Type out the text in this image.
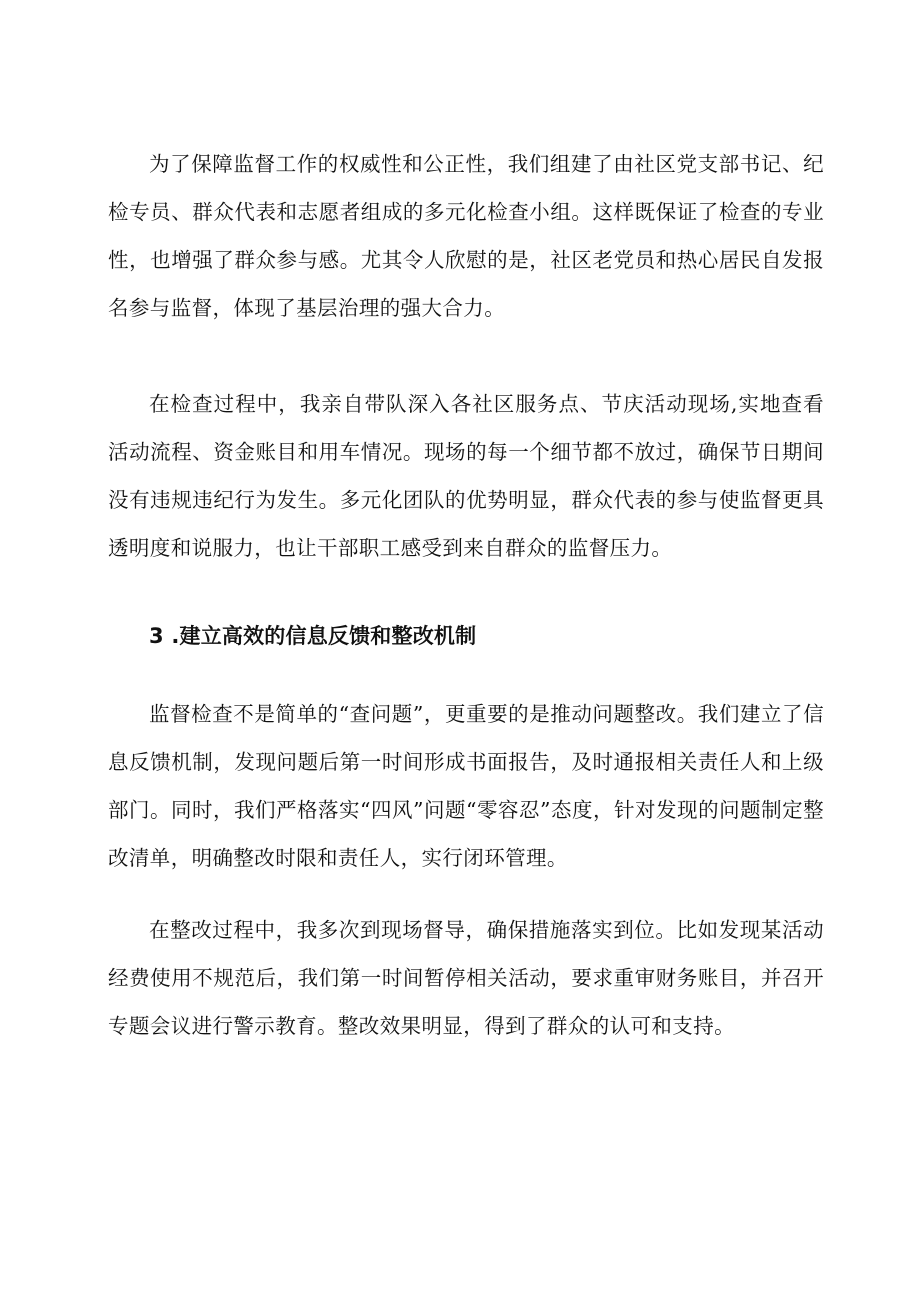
为了保障监督工作的权威性和公正性，我们组建了由社区党支部书记、纪检专员、群众代表和志愿者组成的多元化检查小组。这样既保证了检查的专业性，也增强了群众参与感。尤其令人欣慰的是，社区老党员和热心居民自发报名参与监督，体现了基层治理的强大合力。

在检查过程中，我亲自带队深入各社区服务点、节庆活动现场,实地查看活动流程、资金账目和用车情况。现场的每一个细节都不放过，确保节日期间没有违规违纪行为发生。多元化团队的优势明显，群众代表的参与使监督更具透明度和说服力，也让干部职工感受到来自群众的监督压力。

3 .建立高效的信息反馈和整改机制

监督检查不是简单的“查问题”，更重要的是推动问题整改。我们建立了信息反馈机制，发现问题后第一时间形成书面报告，及时通报相关责任人和上级部门。同时，我们严格落实“四风”问题“零容忍”态度，针对发现的问题制定整改清单，明确整改时限和责任人，实行闭环管理。

在整改过程中，我多次到现场督导，确保措施落实到位。比如发现某活动经费使用不规范后，我们第一时间暂停相关活动，要求重审财务账目，并召开专题会议进行警示教育。整改效果明显，得到了群众的认可和支持。
